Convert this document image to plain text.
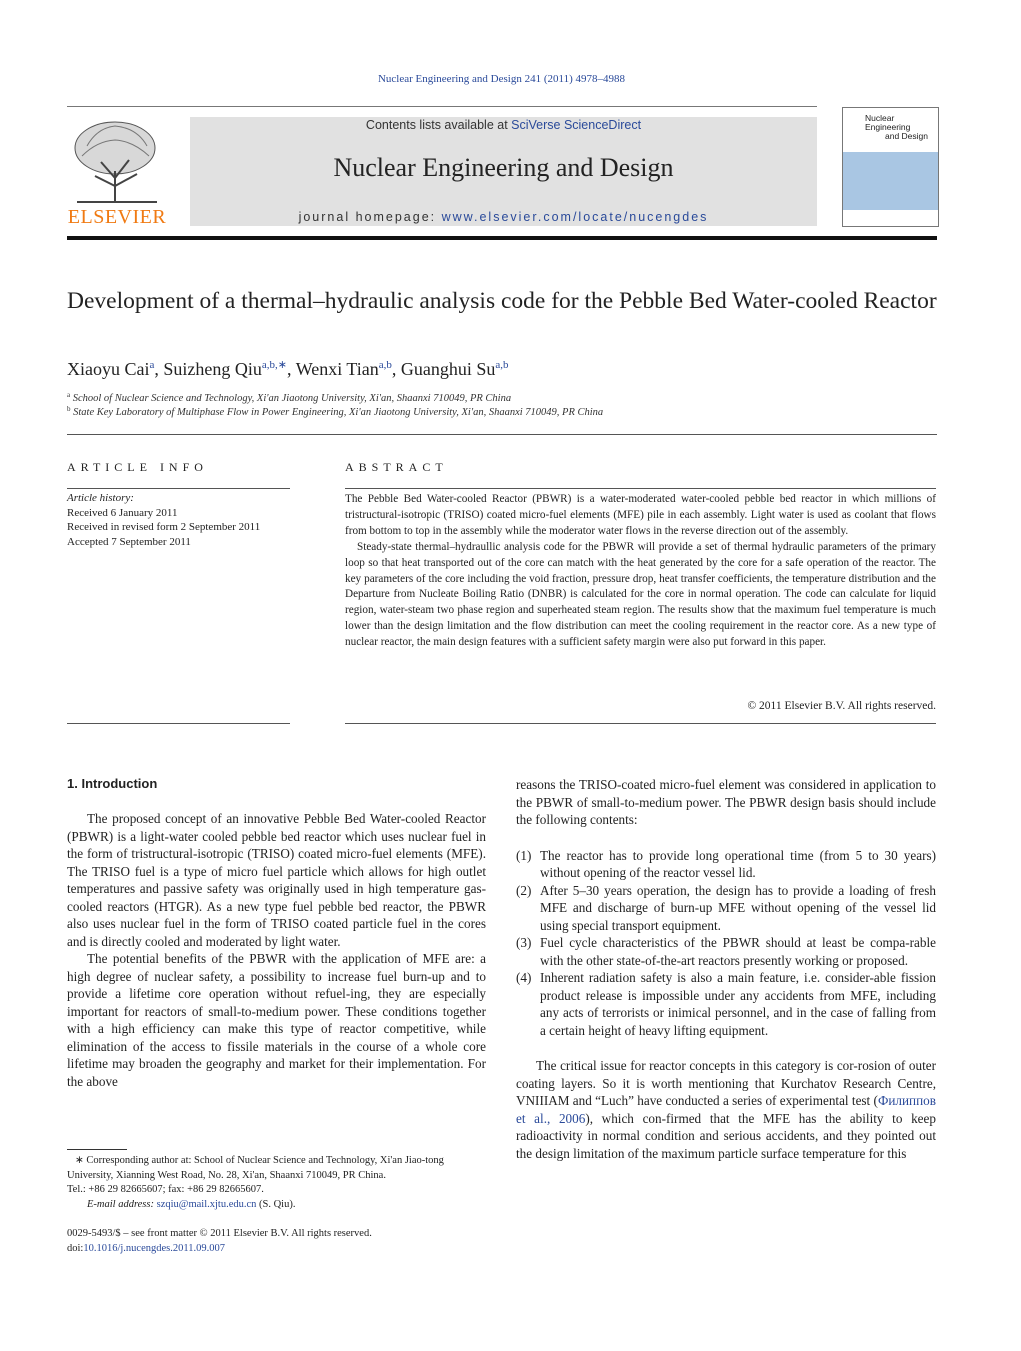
Nuclear Engineering and Design 241 (2011) 4978–4988
ELSEVIER
Contents lists available at SciVerse ScienceDirect
Nuclear Engineering and Design
journal homepage: www.elsevier.com/locate/nucengdes
Nuclear Engineering
and Design
Development of a thermal–hydraulic analysis code for the Pebble Bed Water-cooled Reactor
Xiaoyu Cai$^a$, Suizheng Qiu$^{a,b,∗}$, Wenxi Tian$^{a,b}$, Guanghui Su$^{a,b}$
$^a$ School of Nuclear Science and Technology, Xi'an Jiaotong University, Xi'an, Shaanxi 710049, PR China
$^b$ State Key Laboratory of Multiphase Flow in Power Engineering, Xi'an Jiaotong University, Xi'an, Shaanxi 710049, PR China
ARTICLE INFO
Article history:
Received 6 January 2011
Received in revised form 2 September 2011
Accepted 7 September 2011
ABSTRACT

The Pebble Bed Water-cooled Reactor (PBWR) is a water-moderated water-cooled pebble bed reactor in which millions of tristructural-isotropic (TRISO) coated micro-fuel elements (MFE) pile in each assembly. Light water is used as coolant that flows from bottom to top in the assembly while the moderator water flows in the reverse direction out of the assembly.

Steady-state thermal–hydraullic analysis code for the PBWR will provide a set of thermal hydraulic parameters of the primary loop so that heat transported out of the core can match with the heat generated by the core for a safe operation of the reactor. The key parameters of the core including the void fraction, pressure drop, heat transfer coefficients, the temperature distribution and the Departure from Nucleate Boiling Ratio (DNBR) is calculated for the core in normal operation. The code can calculate for liquid region, water-steam two phase region and superheated steam region. The results show that the maximum fuel temperature is much lower than the design limitation and the flow distribution can meet the cooling requirement in the reactor core. As a new type of nuclear reactor, the main design features with a sufficient safety margin were also put forward in this paper.

© 2011 Elsevier B.V. All rights reserved.
1. Introduction

The proposed concept of an innovative Pebble Bed Water-cooled Reactor (PBWR) is a light-water cooled pebble bed reactor which uses nuclear fuel in the form of tristructural-isotropic (TRISO) coated micro-fuel elements (MFE). The TRISO fuel is a type of micro fuel particle which allows for high outlet temperatures and passive safety was originally used in high temperature gas-cooled reactors (HTGR). As a new type fuel pebble bed reactor, the PBWR also uses nuclear fuel in the form of TRISO coated particle fuel in the cores and is directly cooled and moderated by light water.

The potential benefits of the PBWR with the application of MFE are: a high degree of nuclear safety, a possibility to increase fuel burn-up and to provide a lifetime core operation without refuel-ing, they are especially important for reactors of small-to-medium power. These conditions together with a high efficiency can make this type of reactor competitive, while elimination of the access to fissile materials in the course of a whole core lifetime may broaden the geography and market for their implementation. For the above

reasons the TRISO-coated micro-fuel element was considered in application to the PBWR of small-to-medium power. The PBWR design basis should include the following contents:

(1) The reactor has to provide long operational time (from 5 to 30 years) without opening of the reactor vessel lid.
(2) After 5–30 years operation, the design has to provide a loading of fresh MFE and discharge of burn-up MFE without opening of the vessel lid using special transport equipment.
(3) Fuel cycle characteristics of the PBWR should at least be compa-rable with the other state-of-the-art reactors presently working or proposed.
(4) Inherent radiation safety is also a main feature, i.e. consider-able fission product release is impossible under any accidents from MFE, including any acts of terrorists or inimical personnel, and in the case of falling from a certain height of heavy lifting equipment.

The critical issue for reactor concepts in this category is cor-rosion of outer coating layers. So it is worth mentioning that Kurchatov Research Centre, VNIIIAM and “Luch” have conducted a series of experimental test (Филиппов et al., 2006), which con-firmed that the MFE has the ability to keep radioactivity in normal condition and serious accidents, and they pointed out the design limitation of the maximum particle surface temperature for this

∗ Corresponding author at: School of Nuclear Science and Technology, Xi'an Jiao-tong University, Xianning West Road, No. 28, Xi'an, Shaanxi 710049, PR China.

Tel.: +86 29 82665607; fax: +86 29 82665607.

E-mail address: szqiu@mail.xjtu.edu.cn (S. Qiu).

0029-5493/$ – see front matter © 2011 Elsevier B.V. All rights reserved.
doi:10.1016/j.nucengdes.2011.09.007
